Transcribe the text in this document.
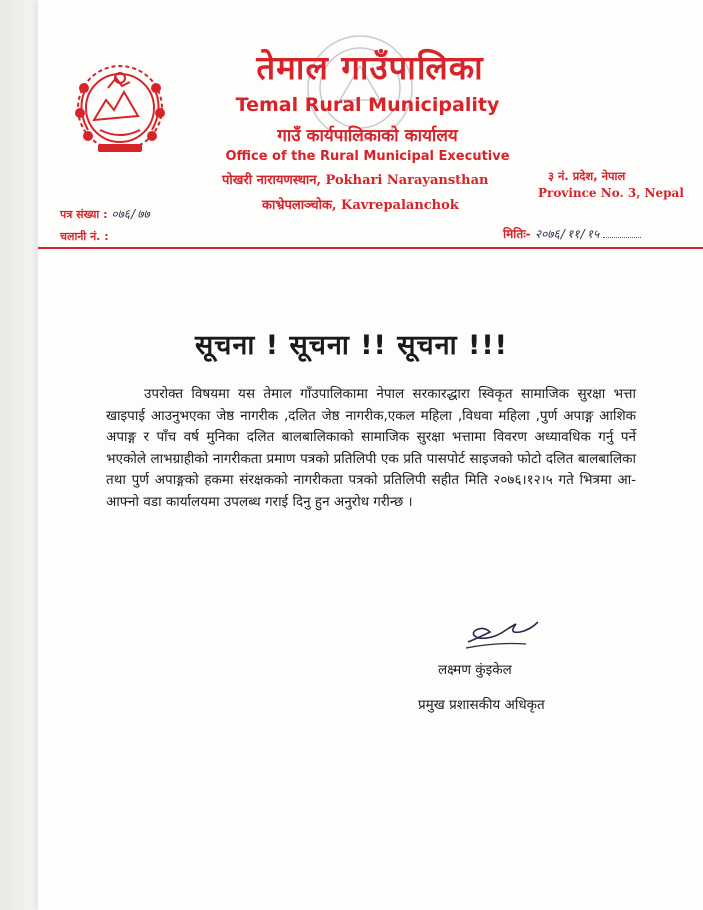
तेमाल गाउँपालिका
Temal Rural Municipality
गाउँ कार्यपालिकाको कार्यालय
Office of the Rural Municipal Executive
पोखरी नारायणस्थान, Pokhari Narayansthan
काभ्रेपलाञ्चोक, Kavrepalanchok
३ नं. प्रदेश, नेपाल
Province No. 3, Nepal
पत्र संख्या : ०७६/७७
चलानी नं. :	मितिः- २०७६/११/१५
सूचना ! सूचना !! सूचना !!!
उपरोक्त विषयमा यस तेमाल गाँउपालिकामा नेपाल सरकारद्धारा स्विकृत सामाजिक सुरक्षा भत्ता खाइपाई आउनुभएका जेष्ठ नागरीक ,दलित जेष्ठ नागरीक,एकल महिला ,विधवा महिला ,पुर्ण अपाङ्ग आशिक अपाङ्ग र पाँच वर्ष मुनिका दलित बालबालिकाको सामाजिक सुरक्षा भत्तामा विवरण अध्यावधिक गर्नु पर्ने भएकोले लाभग्राहीको नागरीकता प्रमाण पत्रको प्रतिलिपी एक प्रति पासपोर्ट साइजको फोटो दलित बालबालिका तथा पुर्ण अपाङ्गको हकमा संरक्षकको नागरीकता पत्रको प्रतिलिपी सहीत मिति २०७६।१२।५ गते भित्रमा आ-आफ्नो वडा कार्यालयमा उपलब्ध गराई दिनु हुन अनुरोध गरीन्छ ।
लक्ष्मण कुंइकेल
प्रमुख प्रशासकीय अधिकृत
